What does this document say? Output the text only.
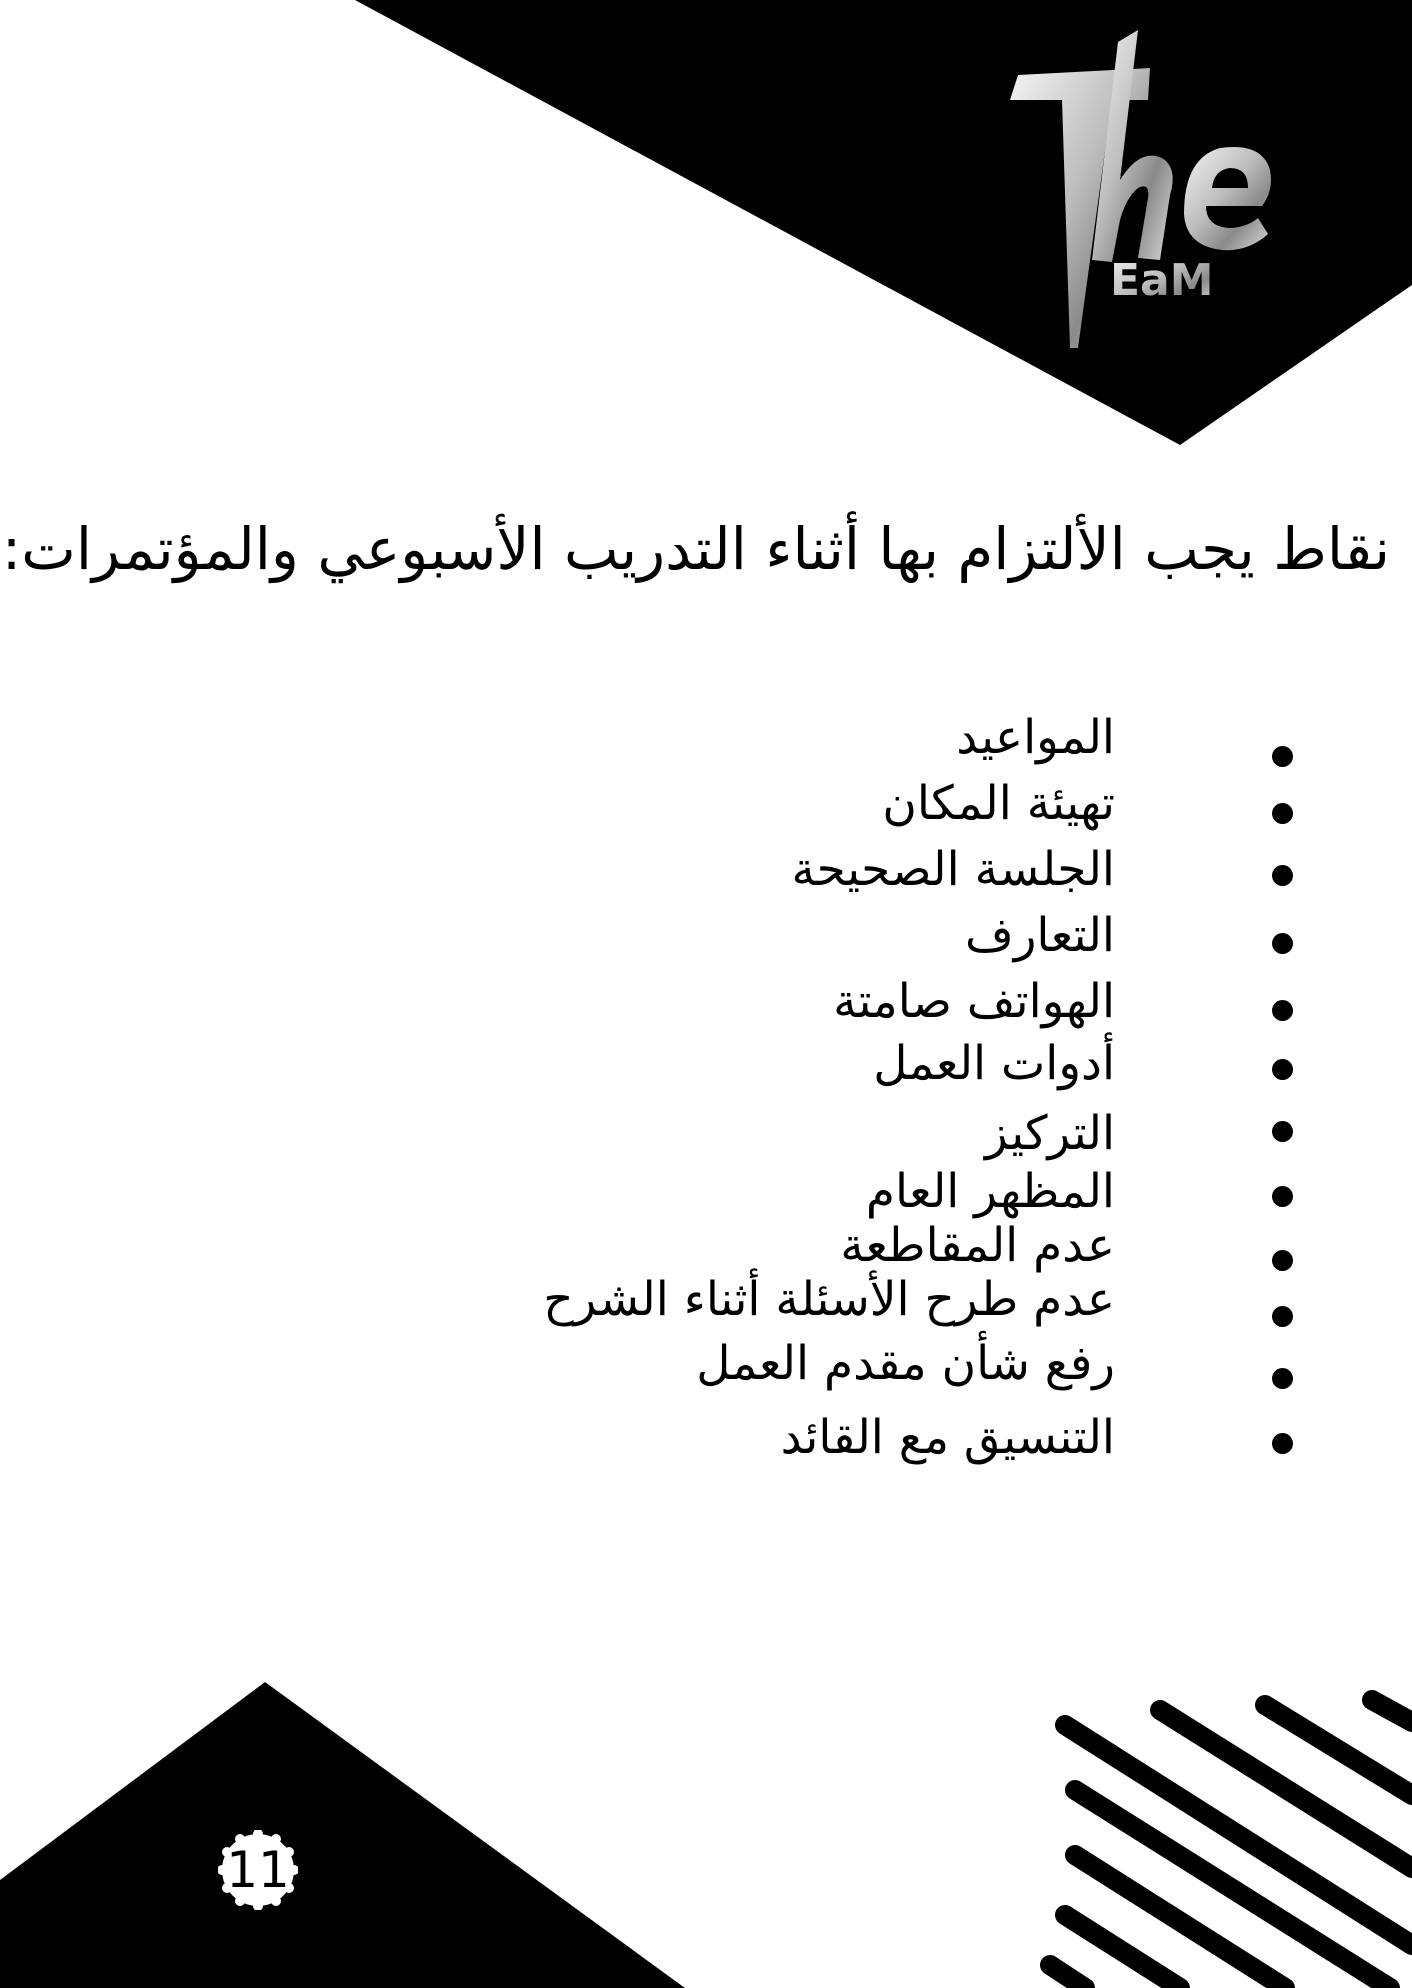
EaM
نقاط يجب الألتزام بها أثناء التدريب الأسبوعي والمؤتمرات:
المواعيد
تهيئة المكان
الجلسة الصحيحة
التعارف
الهواتف صامتة
أدوات العمل
التركيز
المظهر العام
عدم المقاطعة
عدم طرح الأسئلة أثناء الشرح
رفع شأن مقدم العمل
التنسيق مع القائد
11
